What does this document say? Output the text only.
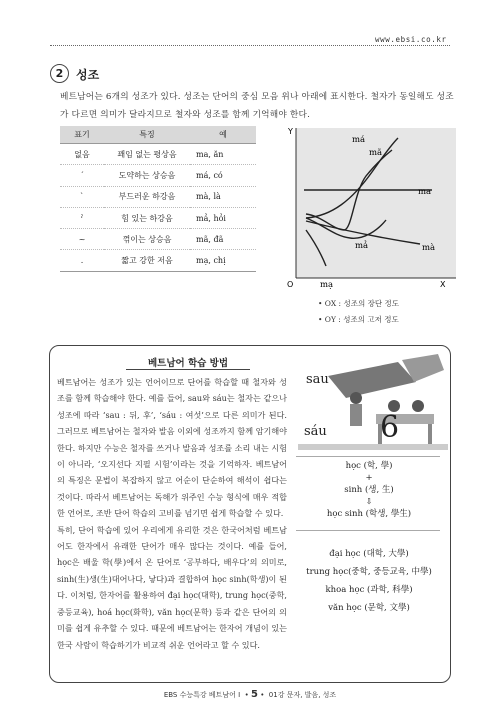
www.ebsi.co.kr
2	성조
베트남어는 6개의 성조가 있다. 성조는 단어의 중심 모음 위나 아래에 표시한다. 철자가 동일해도 성조가 다르면 의미가 달라지므로 철자와 성조를 함께 기억해야 한다.
표기	특징	예
없음	꽤임 없는 평상음	ma, ăn
ˊ	도약하는 상승음	má, có
ˋ	부드러운 하강음	mà, là
ˀ	힘 있는 하강음	mả, hỏi
~	꺾이는 상승음	mã, đã
.	짧고 강한 저음	mạ, chị
Y
X
O
má
mã
ma
mả	mà
mạ
• OX : 성조의 장단 정도
• OY : 성조의 고저 정도
베트남어 학습 방법
베트남어는 성조가 있는 언어이므로 단어를 학습할 때 철자와 성조를 함께 학습해야 한다. 예를 들어, sau와 sáu는 철자는 같으나 성조에 따라 ‘sau : 뒤, 후’, ‘sáu : 여섯’으로 다른 의미가 된다. 그러므로 베트남어는 철자와 발음 이외에 성조까지 함께 암기해야 한다. 하지만 수능은 철자를 쓰거나 발음과 성조를 소리 내는 시험이 아니라, ‘오지선다 지필 시험’이라는 것을 기억하자. 베트남어의 특징은 문법이 복잡하지 않고 어순이 단순하여 해석이 쉽다는 것이다. 따라서 베트남어는 독해가 위주인 수능 형식에 매우 적합한 언어로, 조반 단어 학습의 고비를 넘기면 쉽게 학습할 수 있다.
특히, 단어 학습에 있어 우리에게 유리한 것은 한국어처럼 베트남어도 한자에서 유래한 단어가 매우 많다는 것이다. 예를 들어, học은 배울 학(學)에서 온 단어로 ‘공부하다, 배우다’의 의미로, sinh(生)생(生)대어나다, 낳다)과 결합하여 học sinh(학생)이 된다. 이처럼, 한자어를 활용하여 đại học(대학), trung học(중학, 중등교육), hoá học(화학), văn học(문학) 등과 같은 단어의 의미를 쉽게 유추할 수 있다. 때문에 베트남어는 한자어 개념이 있는 한국 사람이 학습하기가 비교적 쉬운 언어라고 할 수 있다.
sau
sáu 6
học (학, 學)
+
sinh (생, 生)
⇩
học sinh (학생, 學生)
đại học (대학, 大學)
trung học(중학, 중등교육, 中學)
khoa học (과학, 科學)
văn học (문학, 文學)
EBS 수능특강 베트남어 I  • 5 •  01강 문자, 발음, 성조
